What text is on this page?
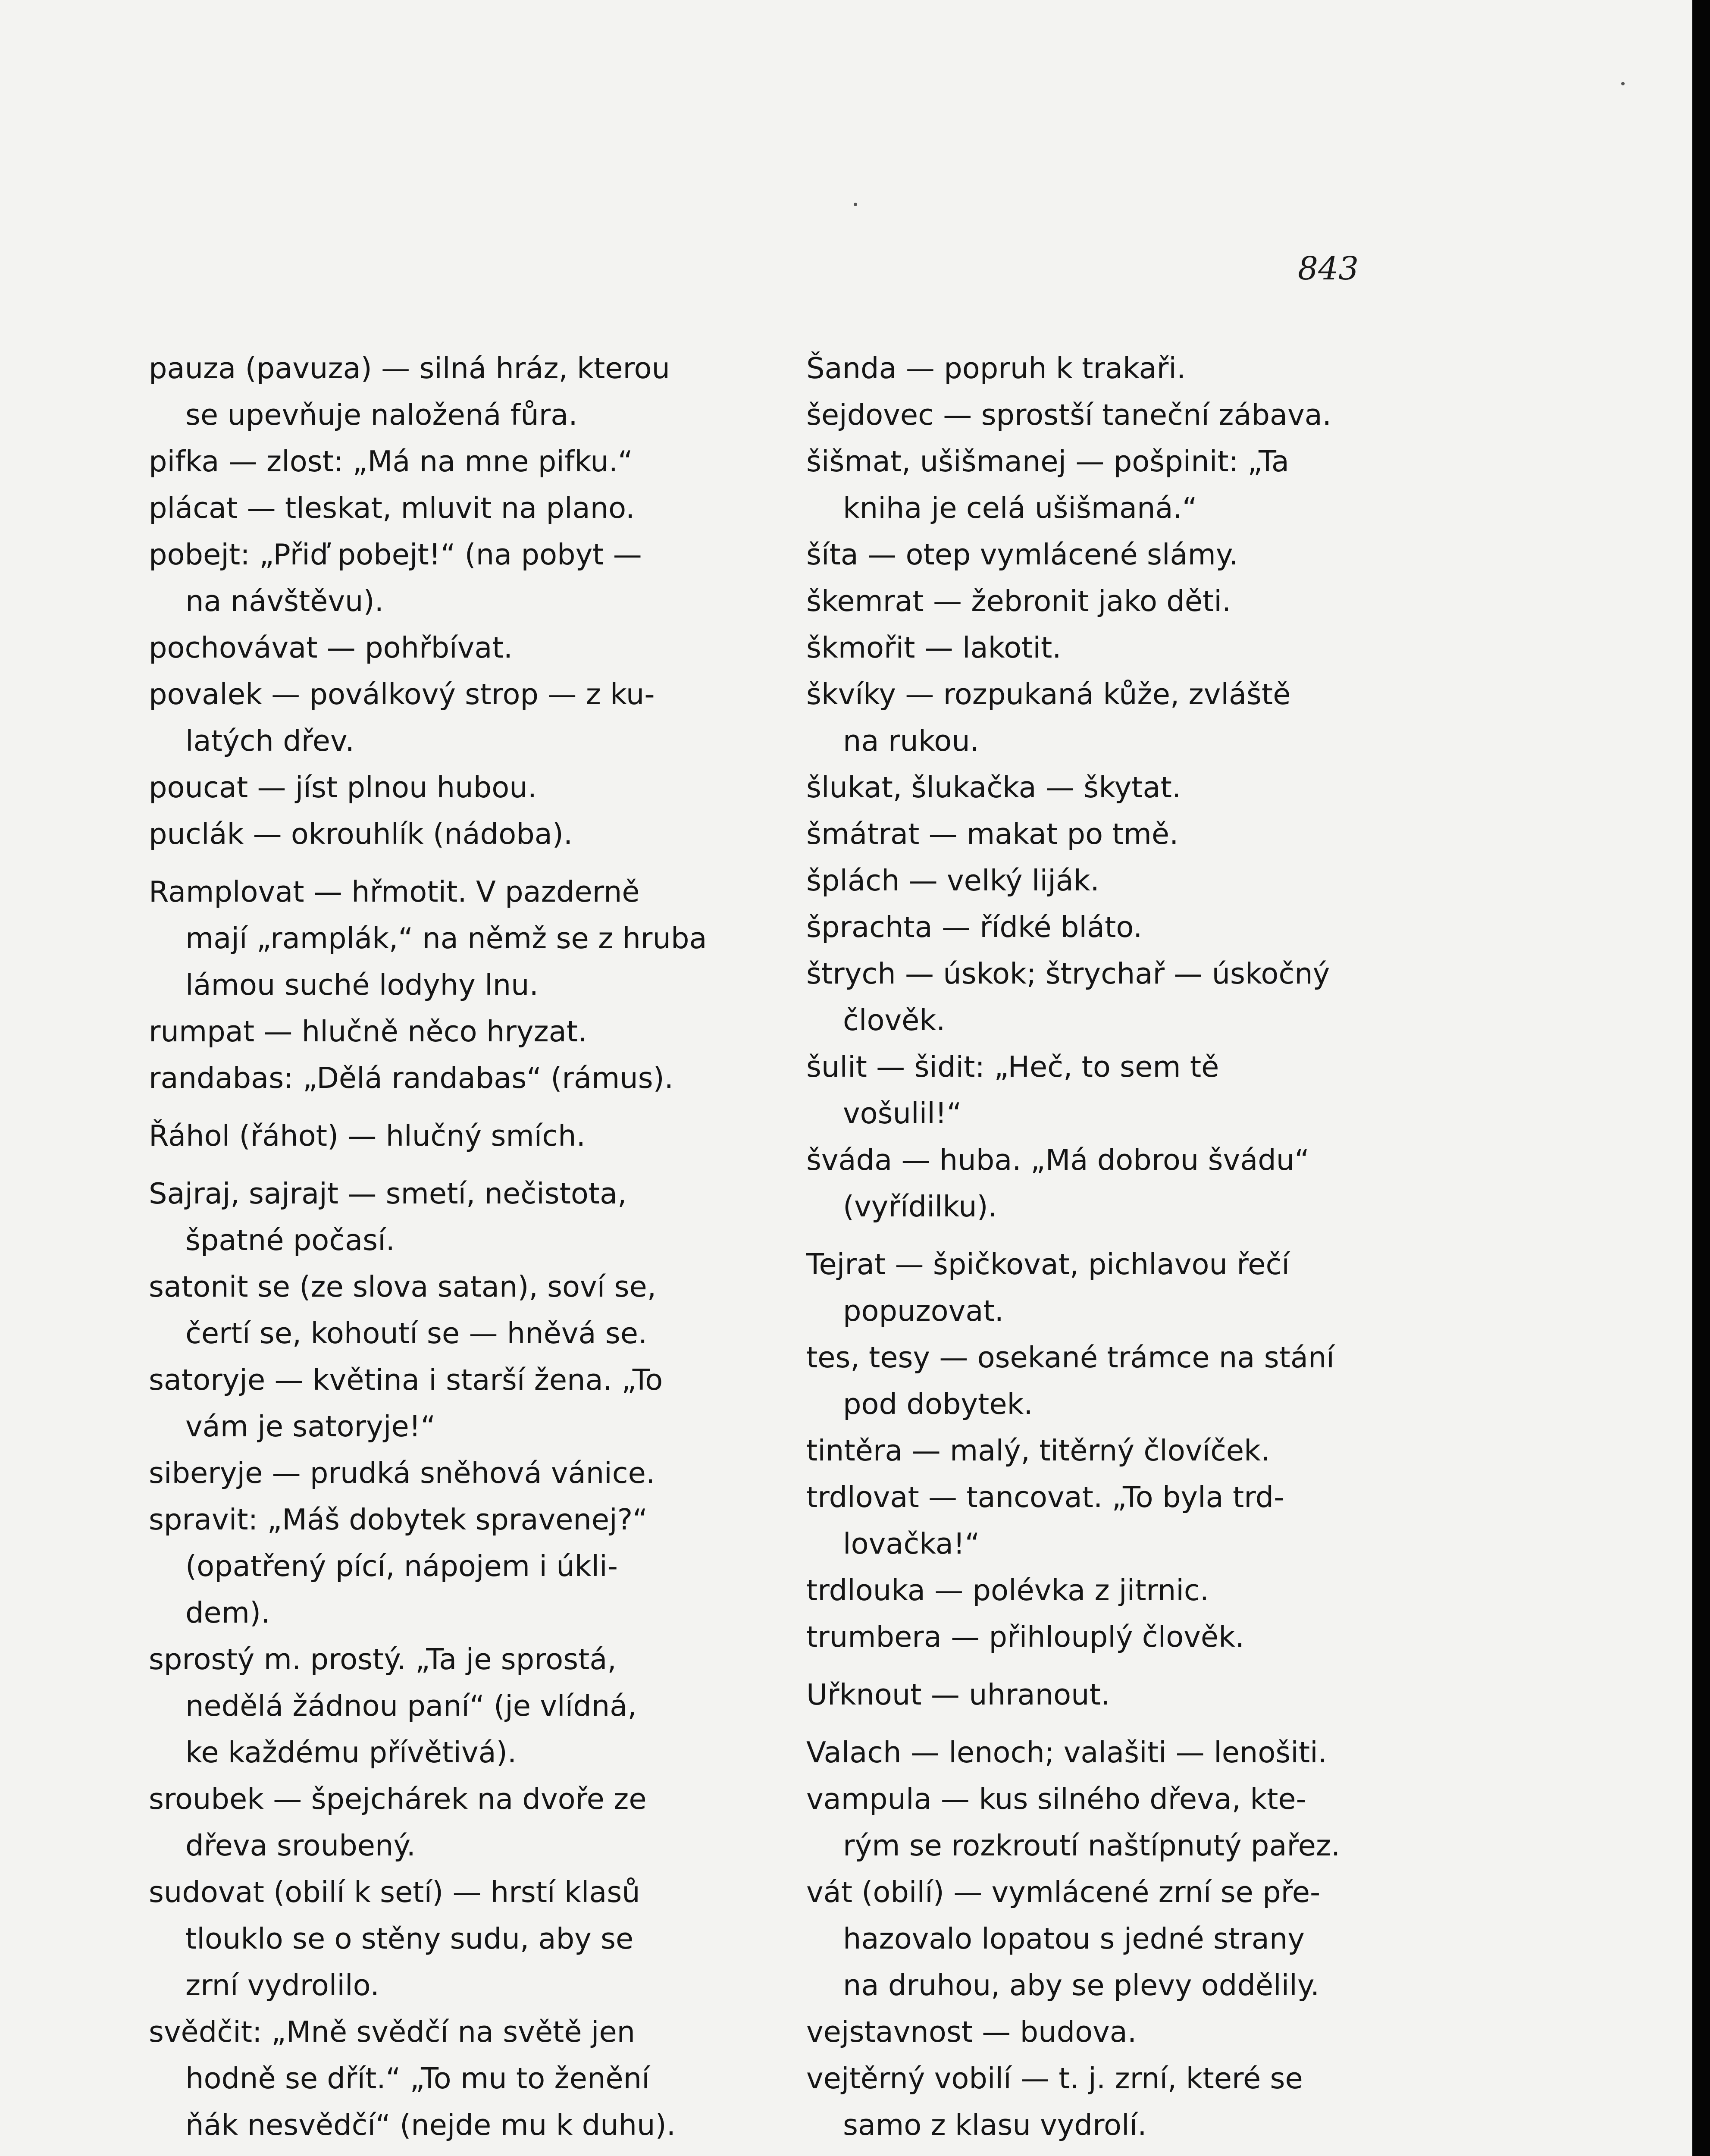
843
pauza (pavuza) — silná hráz, kterou
se upevňuje naložená fůra.
pifka — zlost: „Má na mne pifku.“
plácat — tleskat, mluvit na plano.
pobejt: „Přiď pobejt!“ (na pobyt —
na návštěvu).
pochovávat — pohřbívat.
povalek — poválkový strop — z ku-
latých dřev.
poucat — jíst plnou hubou.
puclák — okrouhlík (nádoba).
Ramplovat — hřmotit. V pazderně
mají „ramplák,“ na němž se z hruba
lámou suché lodyhy lnu.
rumpat — hlučně něco hryzat.
randabas: „Dělá randabas“ (rámus).
Řáhol (řáhot) — hlučný smích.
Sajraj, sajrajt — smetí, nečistota,
špatné počasí.
satonit se (ze slova satan), soví se,
čertí se, kohoutí se — hněvá se.
satoryje — květina i starší žena. „To
vám je satoryje!“
siberyje — prudká sněhová vánice.
spravit: „Máš dobytek spravenej?“
(opatřený pící, nápojem i úkli-
dem).
sprostý m. prostý. „Ta je sprostá,
nedělá žádnou paní“ (je vlídná,
ke každému přívětivá).
sroubek — špejchárek na dvoře ze
dřeva sroubený.
sudovat (obilí k setí) — hrstí klasů
tlouklo se o stěny sudu, aby se
zrní vydrolilo.
svědčit: „Mně svědčí na světě jen
hodně se dřít.“ „To mu to ženění
ňák nesvědčí“ (nejde mu k duhu).
Šanda — popruh k trakaři.
šejdovec — sprostší taneční zábava.
šišmat, ušišmanej — pošpinit: „Ta
kniha je celá ušišmaná.“
šíta — otep vymlácené slámy.
škemrat — žebronit jako děti.
škmořit — lakotit.
škvíky — rozpukaná kůže, zvláště
na rukou.
šlukat, šlukačka — škytat.
šmátrat — makat po tmě.
šplách — velký liják.
šprachta — řídké bláto.
štrych — úskok; štrychař — úskočný
člověk.
šulit — šidit: „Heč, to sem tě
vošulil!“
šváda — huba. „Má dobrou švádu“
(vyřídilku).
Tejrat — špičkovat, pichlavou řečí
popuzovat.
tes, tesy — osekané trámce na stání
pod dobytek.
tintěra — malý, titěrný človíček.
trdlovat — tancovat. „To byla trd-
lovačka!“
trdlouka — polévka z jitrnic.
trumbera — přihlouplý člověk.
Uřknout — uhranout.
Valach — lenoch; valašiti — lenošiti.
vampula — kus silného dřeva, kte-
rým se rozkroutí naštípnutý pařez.
vát (obilí) — vymlácené zrní se pře-
hazovalo lopatou s jedné strany
na druhou, aby se plevy oddělily.
vejstavnost — budova.
vejtěrný vobilí — t. j. zrní, které se
samo z klasu vydrolí.
